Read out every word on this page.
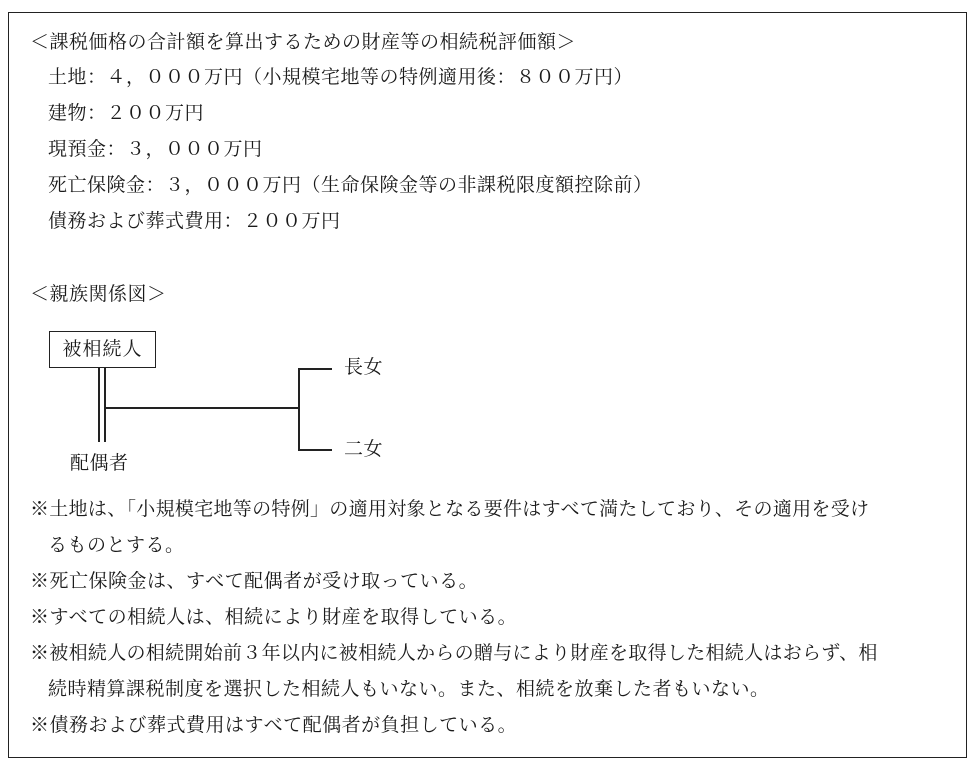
＜課税価格の合計額を算出するための財産等の相続税評価額＞
土地：４，０００万円（小規模宅地等の特例適用後：８００万円）
建物：２００万円
現預金：３，０００万円
死亡保険金：３，０００万円（生命保険金等の非課税限度額控除前）
債務および葬式費用：２００万円
＜親族関係図＞
被相続人
長女
二女
配偶者
※土地は、「小規模宅地等の特例」の適用対象となる要件はすべて満たしており、その適用を受け
るものとする。
※死亡保険金は、すべて配偶者が受け取っている。
※すべての相続人は、相続により財産を取得している。
※被相続人の相続開始前３年以内に被相続人からの贈与により財産を取得した相続人はおらず、相
続時精算課税制度を選択した相続人もいない。また、相続を放棄した者もいない。
※債務および葬式費用はすべて配偶者が負担している。
